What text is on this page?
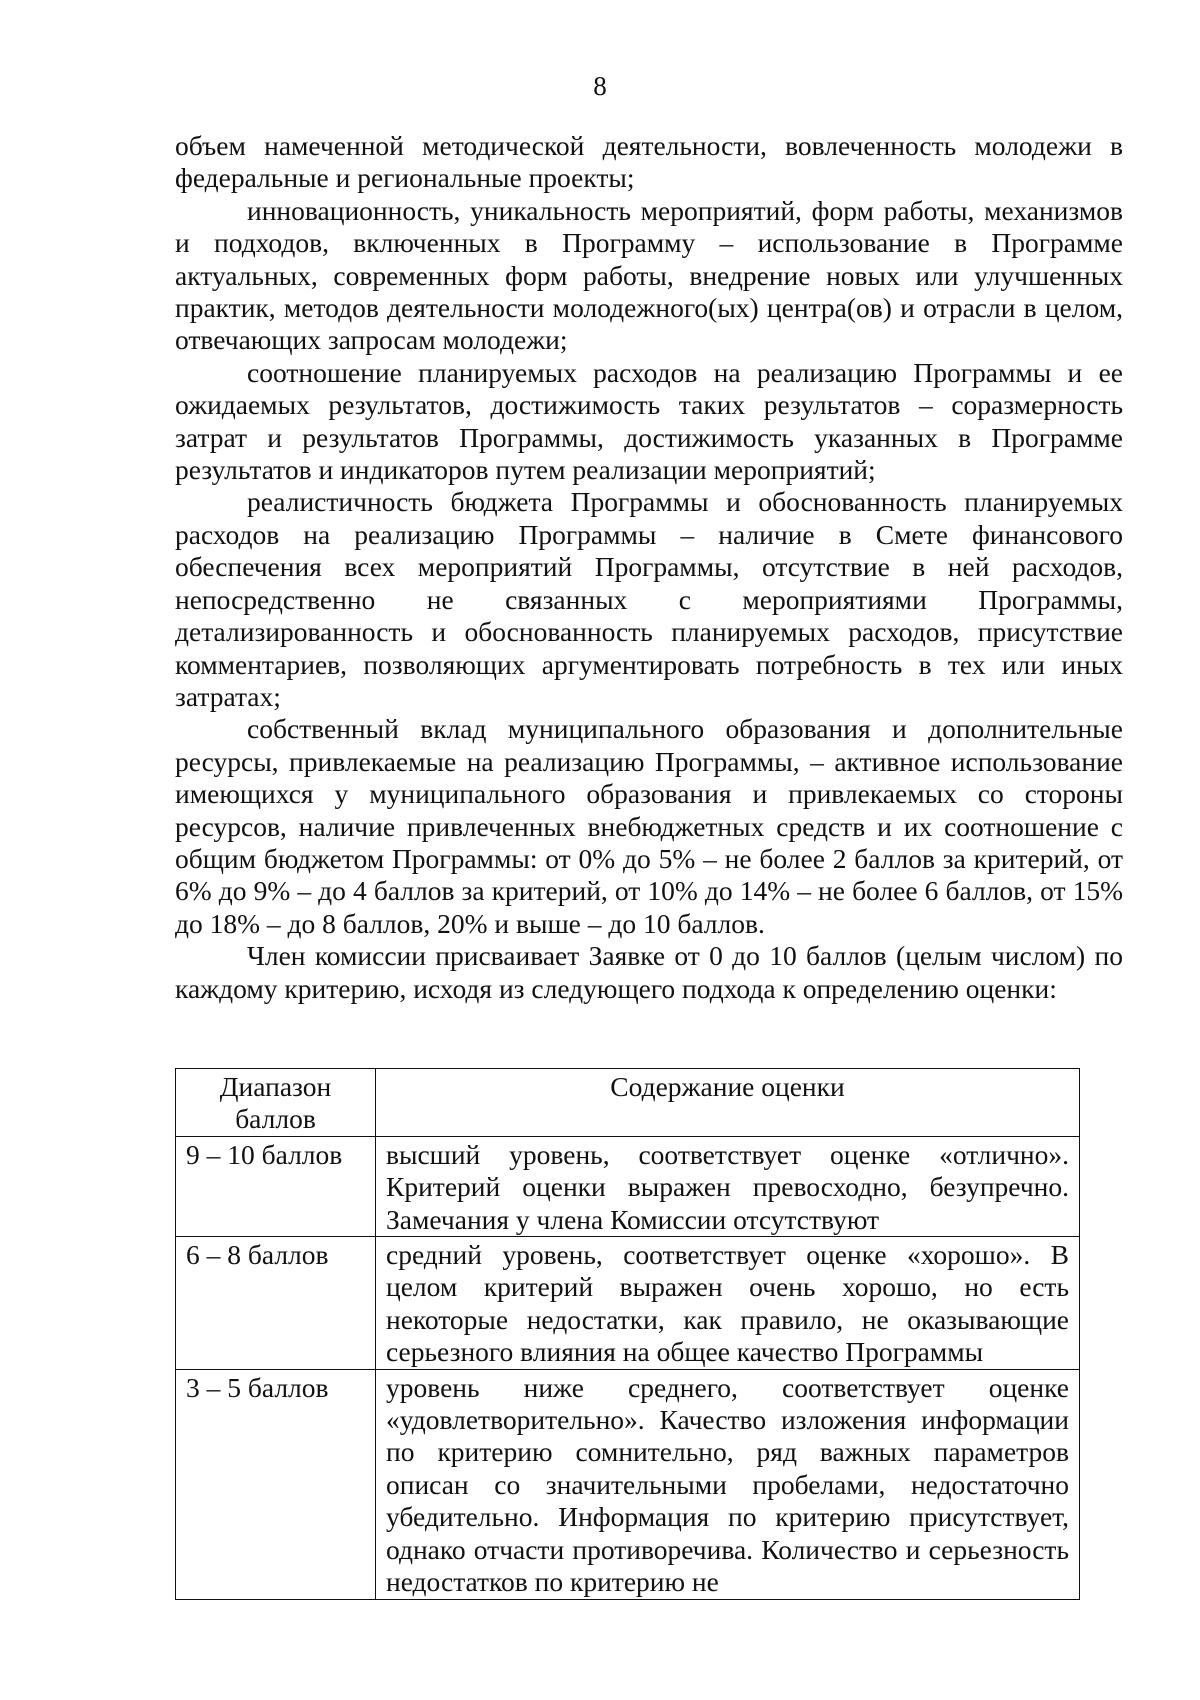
8

объем намеченной методической деятельности, вовлеченность молодежи в федеральные и региональные проекты;

инновационность, уникальность мероприятий, форм работы, механизмов и подходов, включенных в Программу – использование в Программе актуальных, современных форм работы, внедрение новых или улучшенных практик, методов деятельности молодежного(ых) центра(ов) и отрасли в целом, отвечающих запросам молодежи;

соотношение планируемых расходов на реализацию Программы и ее ожидаемых результатов, достижимость таких результатов – соразмерность затрат и результатов Программы, достижимость указанных в Программе результатов и индикаторов путем реализации мероприятий;

реалистичность бюджета Программы и обоснованность планируемых расходов на реализацию Программы – наличие в Смете финансового обеспечения всех мероприятий Программы, отсутствие в ней расходов, непосредственно не связанных с мероприятиями Программы, детализированность и обоснованность планируемых расходов, присутствие комментариев, позволяющих аргументировать потребность в тех или иных затратах;

собственный вклад муниципального образования и дополнительные ресурсы, привлекаемые на реализацию Программы, – активное использование имеющихся у муниципального образования и привлекаемых со стороны ресурсов, наличие привлеченных внебюджетных средств и их соотношение с общим бюджетом Программы: от 0% до 5% – не более 2 баллов за критерий, от 6% до 9% – до 4 баллов за критерий, от 10% до 14% – не более 6 баллов, от 15% до 18% – до 8 баллов, 20% и выше – до 10 баллов.

Член комиссии присваивает Заявке от 0 до 10 баллов (целым числом) по каждому критерию, исходя из следующего подхода к определению оценки:

Диапазон баллов	Содержание оценки
9 – 10 баллов	высший уровень, соответствует оценке «отлично». Критерий оценки выражен превосходно, безупречно. Замечания у члена Комиссии отсутствуют
6 – 8 баллов	средний уровень, соответствует оценке «хорошо». В целом критерий выражен очень хорошо, но есть некоторые недостатки, как правило, не оказывающие серьезного влияния на общее качество Программы
3 – 5 баллов	уровень ниже среднего, соответствует оценке «удовлетворительно». Качество изложения информации по критерию сомнительно, ряд важных параметров описан со значительными пробелами, недостаточно убедительно. Информация по критерию присутствует, однако отчасти противоречива. Количество и серьезность недостатков по критерию не
